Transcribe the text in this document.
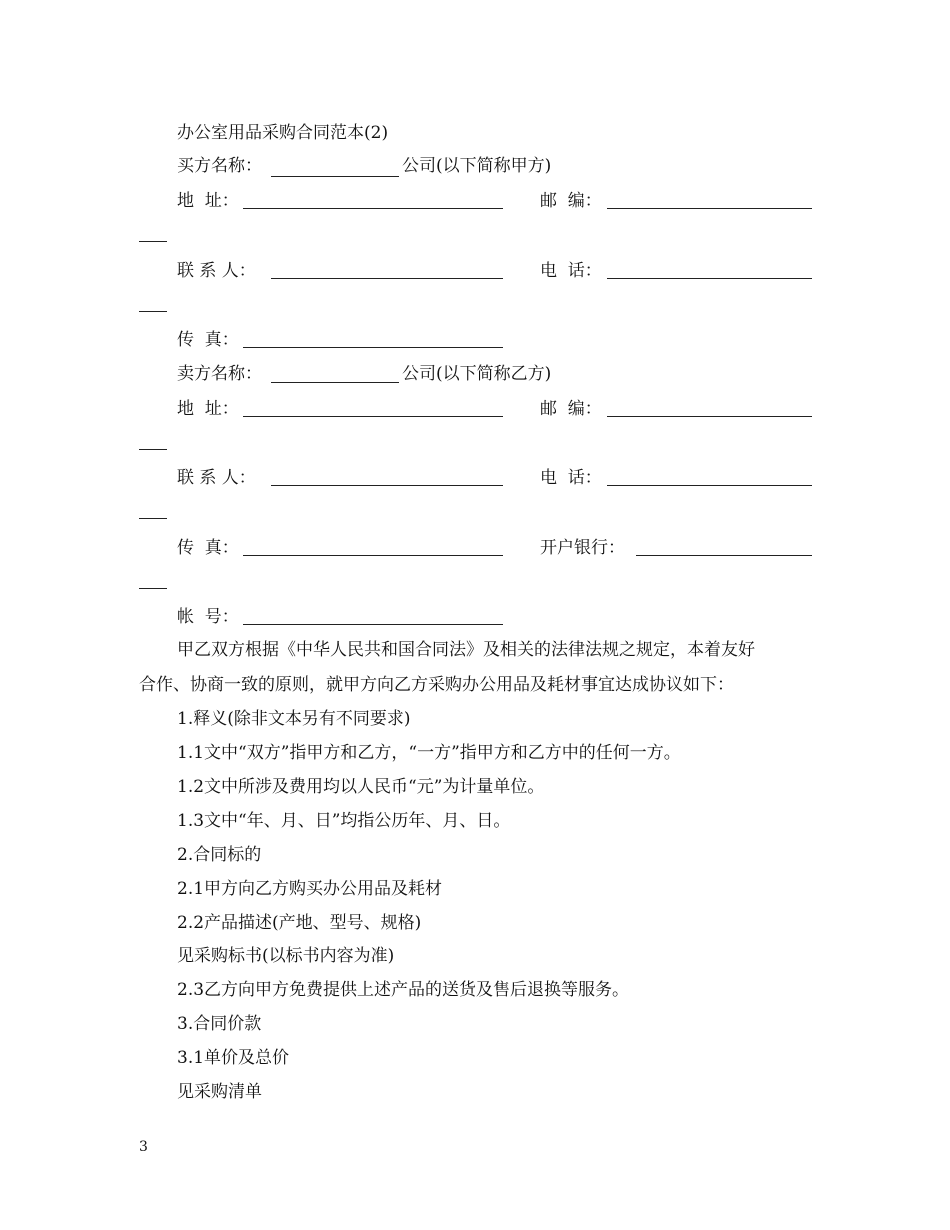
办公室用品采购合同范本(2)
买方名称：	公司(以下简称甲方)
地  址：	邮  编：
联 系 人：	电  话：
传  真：
卖方名称：	公司(以下简称乙方)
地  址：	邮  编：
联 系 人：	电  话：
传  真：	开户银行：
帐  号：
甲乙双方根据《中华人民共和国合同法》及相关的法律法规之规定，本着友好
合作、协商一致的原则，就甲方向乙方采购办公用品及耗材事宜达成协议如下：
1.释义(除非文本另有不同要求)
1.1文中“双方”指甲方和乙方，“一方”指甲方和乙方中的任何一方。
1.2文中所涉及费用均以人民币“元”为计量单位。
1.3文中“年、月、日”均指公历年、月、日。
2.合同标的
2.1甲方向乙方购买办公用品及耗材
2.2产品描述(产地、型号、规格)
见采购标书(以标书内容为准)
2.3乙方向甲方免费提供上述产品的送货及售后退换等服务。
3.合同价款
3.1单价及总价
见采购清单
3
